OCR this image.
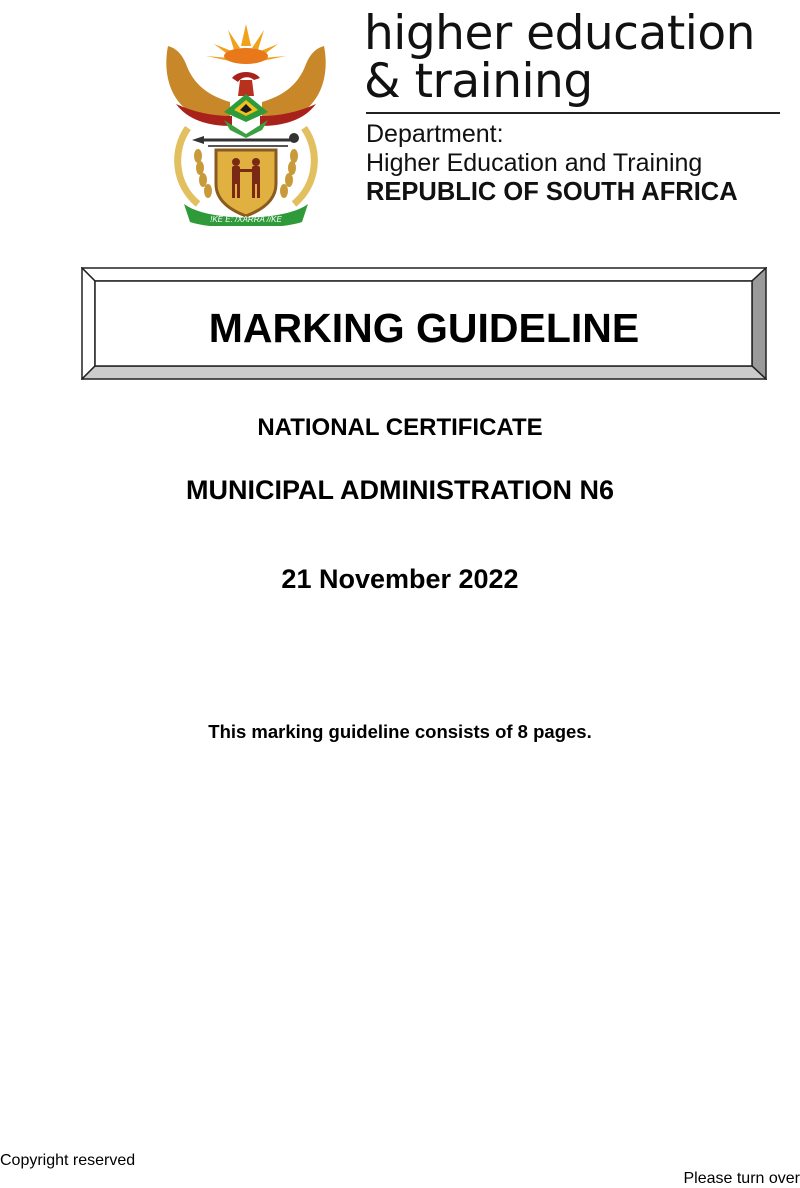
!KE E: /XARRA //KE
higher education
& training
Department:
Higher Education and Training
REPUBLIC OF SOUTH AFRICA
MARKING GUIDELINE
NATIONAL CERTIFICATE
MUNICIPAL ADMINISTRATION N6
21 November 2022
This marking guideline consists of 8 pages.
Copyright reserved
Please turn over
